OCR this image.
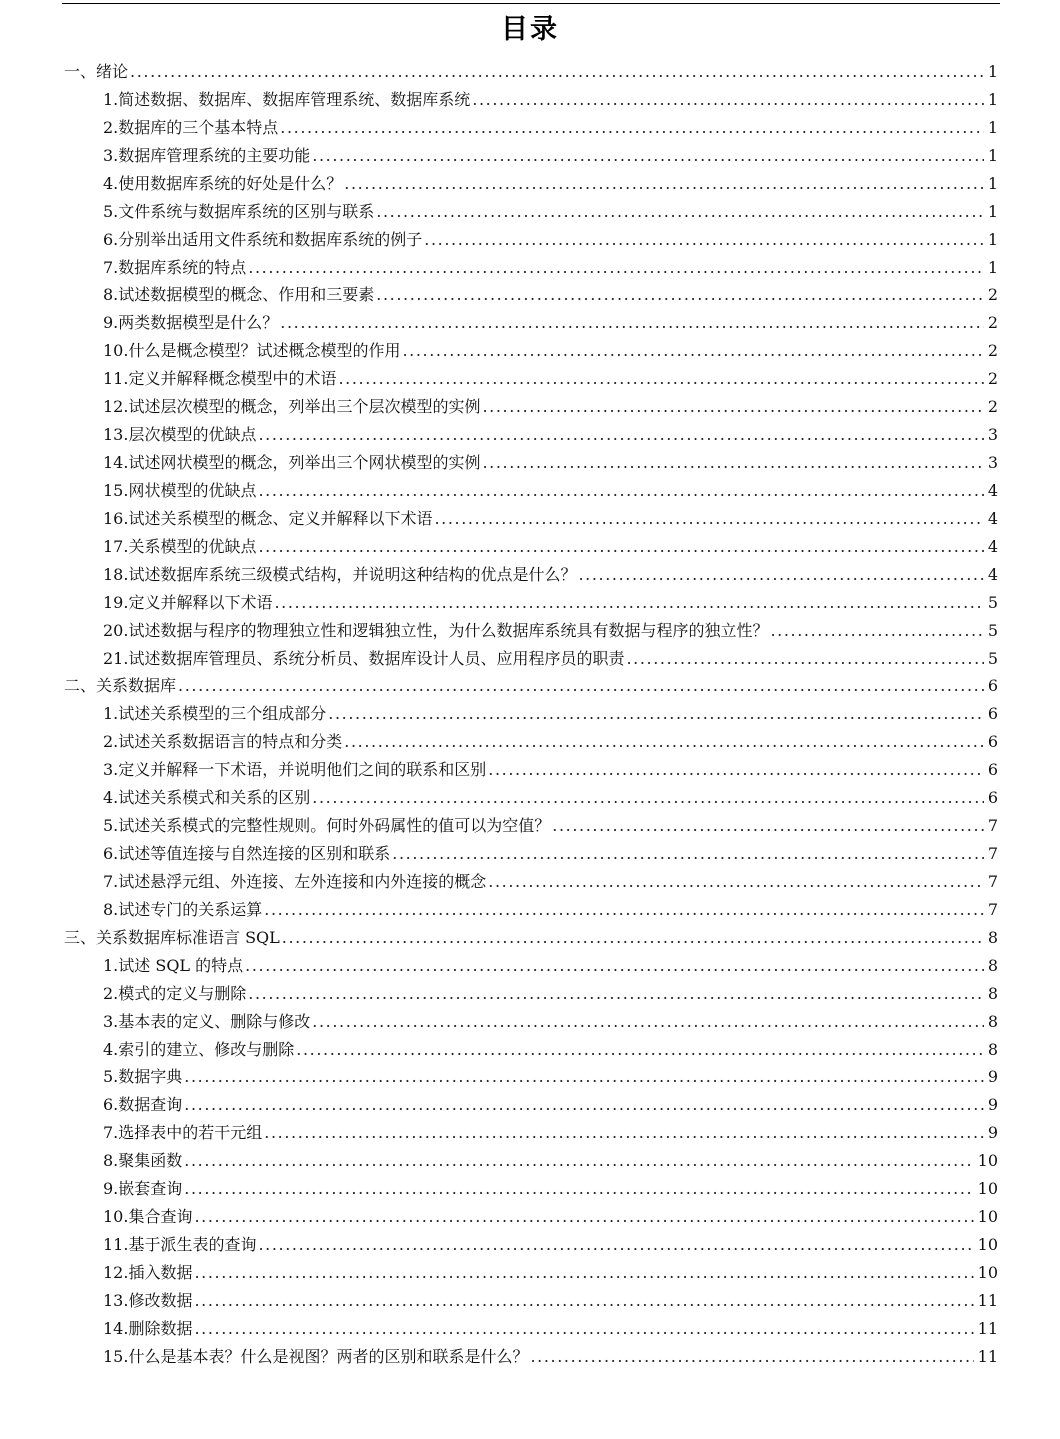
目录
一、绪论 .....	1
1.简述数据、数据库、数据库管理系统、数据库系统 .....	1
2.数据库的三个基本特点 .....	1
3.数据库管理系统的主要功能 .....	1
4.使用数据库系统的好处是什么？ .....	1
5.文件系统与数据库系统的区别与联系 .....	1
6.分别举出适用文件系统和数据库系统的例子 .....	1
7.数据库系统的特点 .....	1
8.试述数据模型的概念、作用和三要素 .....	2
9.两类数据模型是什么？ .....	2
10.什么是概念模型？试述概念模型的作用 .....	2
11.定义并解释概念模型中的术语 .....	2
12.试述层次模型的概念，列举出三个层次模型的实例 .....	2
13.层次模型的优缺点 .....	3
14.试述网状模型的概念，列举出三个网状模型的实例 .....	3
15.网状模型的优缺点 .....	4
16.试述关系模型的概念、定义并解释以下术语 .....	4
17.关系模型的优缺点 .....	4
18.试述数据库系统三级模式结构，并说明这种结构的优点是什么？ .....	4
19.定义并解释以下术语 .....	5
20.试述数据与程序的物理独立性和逻辑独立性，为什么数据库系统具有数据与程序的独立性？ .....	5
21.试述数据库管理员、系统分析员、数据库设计人员、应用程序员的职责 .....	5
二、关系数据库 .....	6
1.试述关系模型的三个组成部分 .....	6
2.试述关系数据语言的特点和分类 .....	6
3.定义并解释一下术语，并说明他们之间的联系和区别 .....	6
4.试述关系模式和关系的区别 .....	6
5.试述关系模式的完整性规则。何时外码属性的值可以为空值？ .....	7
6.试述等值连接与自然连接的区别和联系 .....	7
7.试述悬浮元组、外连接、左外连接和内外连接的概念 .....	7
8.试述专门的关系运算 .....	7
三、关系数据库标准语言 SQL .....	8
1.试述 SQL 的特点 .....	8
2.模式的定义与删除 .....	8
3.基本表的定义、删除与修改 .....	8
4.索引的建立、修改与删除 .....	8
5.数据字典 .....	9
6.数据查询 .....	9
7.选择表中的若干元组 .....	9
8.聚集函数 .....	10
9.嵌套查询 .....	10
10.集合查询 .....	10
11.基于派生表的查询 .....	10
12.插入数据 .....	10
13.修改数据 .....	11
14.删除数据 .....	11
15.什么是基本表？什么是视图？两者的区别和联系是什么？ .....	11
